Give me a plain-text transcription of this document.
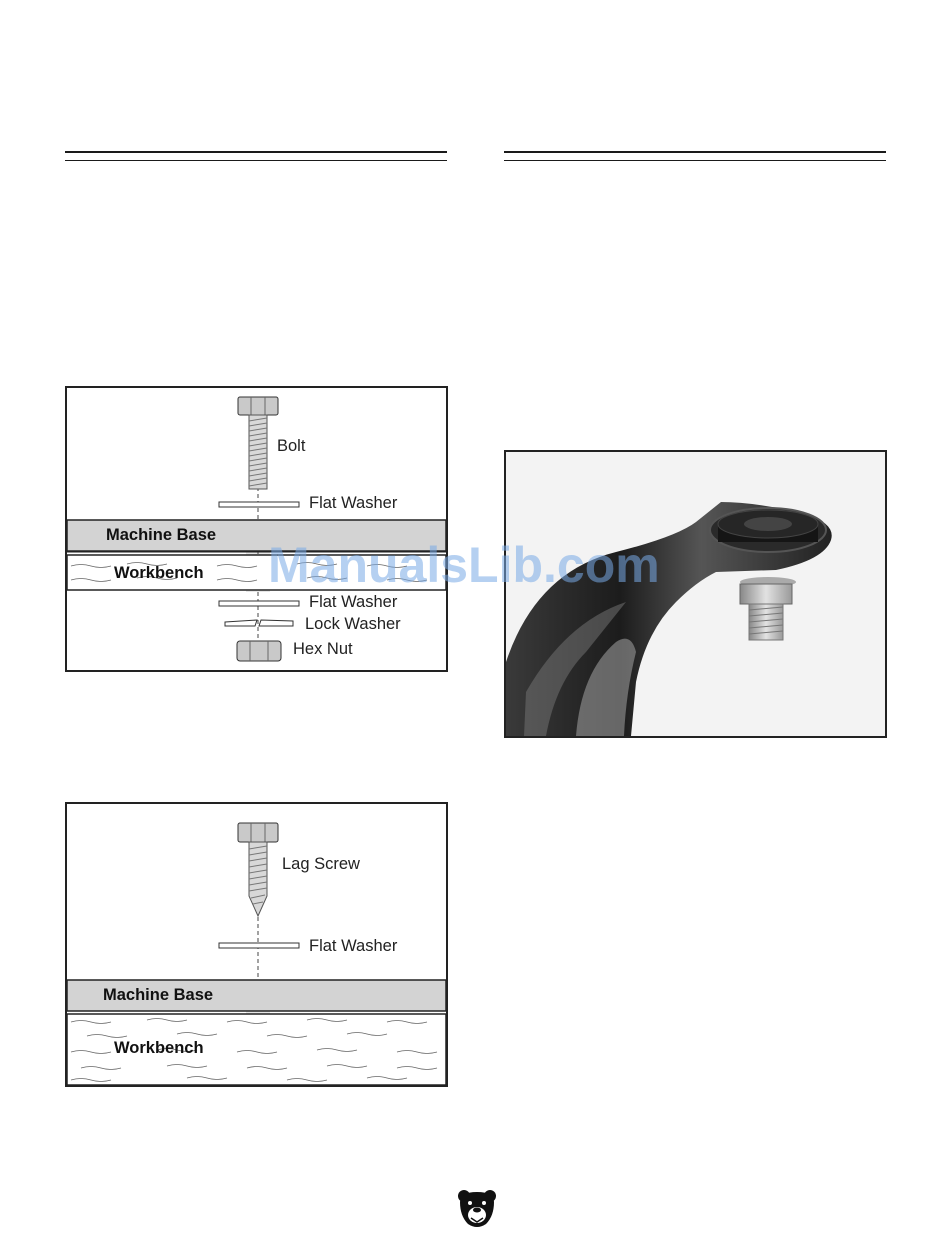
Bolt
Flat Washer
Machine Base
Workbench
Flat Washer
Lock Washer
Hex Nut
Lag Screw
Flat Washer
Machine Base
Workbench
ManualsLib.com
